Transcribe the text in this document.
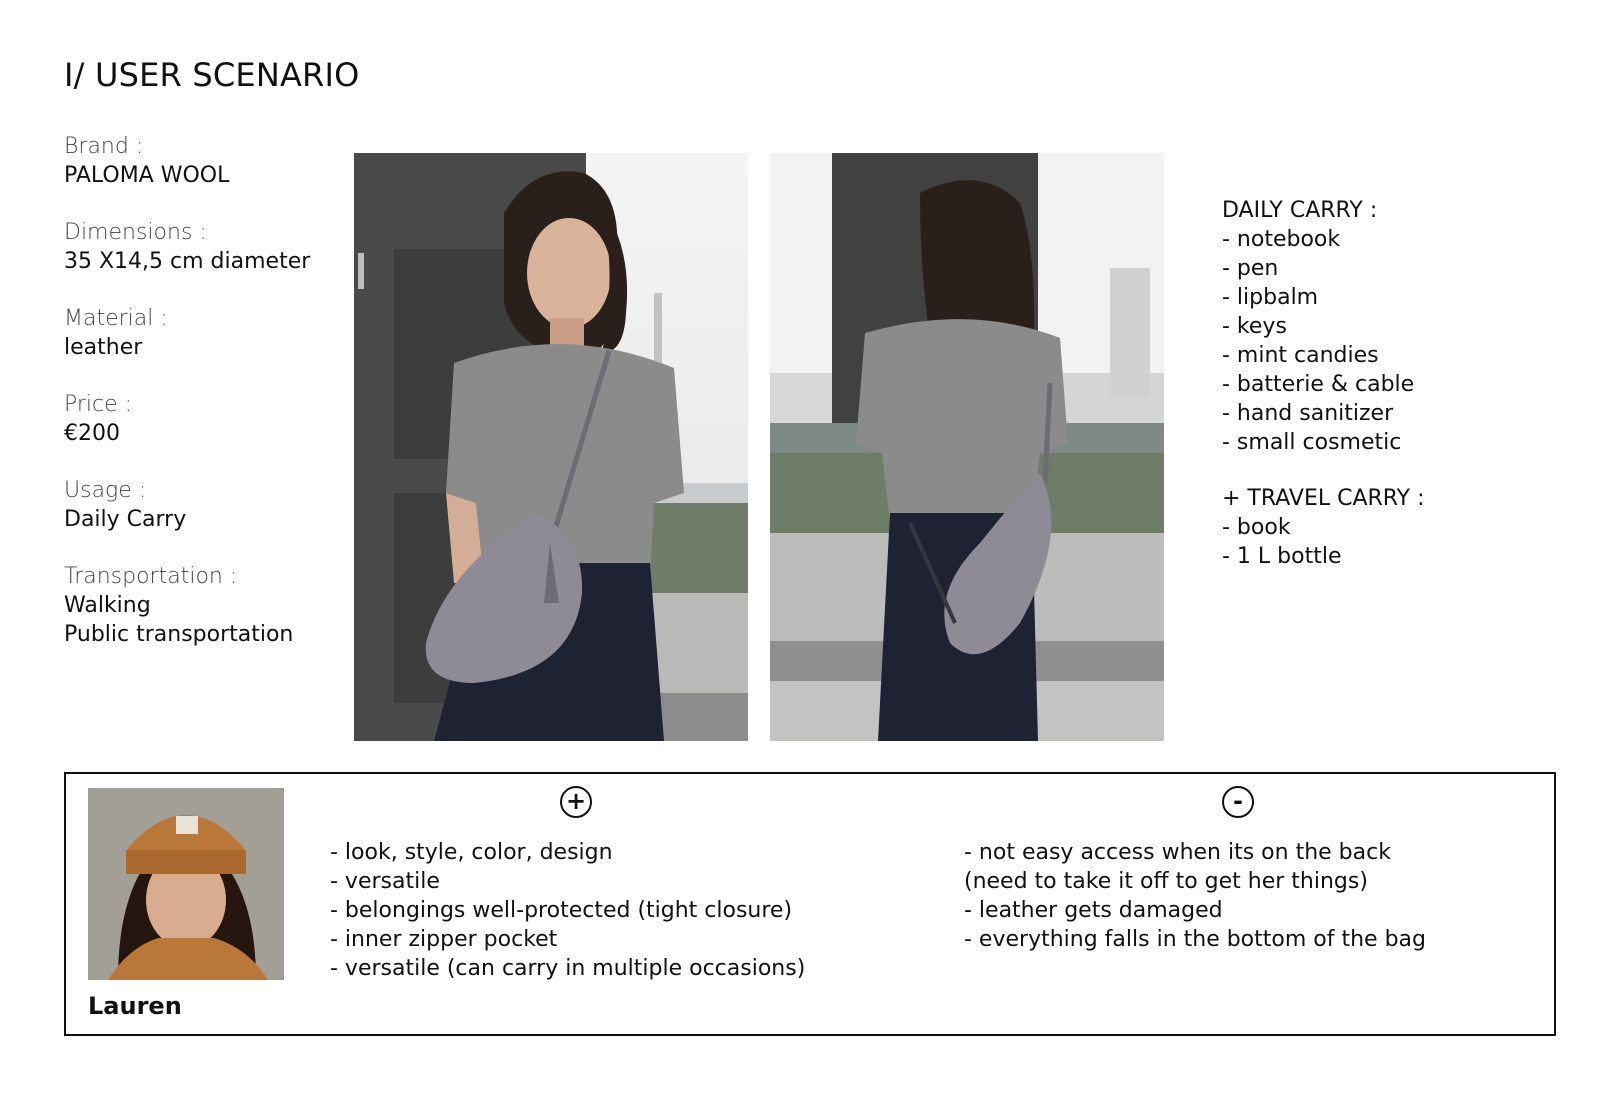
I/ USER SCENARIO
Brand :
PALOMA WOOL
Dimensions :
35 X14,5 cm diameter
Material :
leather
Price :
€200
Usage :
Daily Carry
Transportation :
Walking
Public transportation
DAILY CARRY :
- notebook
- pen
- lipbalm
- keys
- mint candies
- batterie & cable
- hand sanitizer
- small cosmetic
+ TRAVEL CARRY :
- book
- 1 L bottle
Lauren
+	-
- look, style, color, design
- versatile
- belongings well-protected (tight closure)
- inner zipper pocket
- versatile (can carry in multiple occasions)
- not easy access when its on the back
(need to take it off to get her things)
- leather gets damaged
- everything falls in the bottom of the bag
